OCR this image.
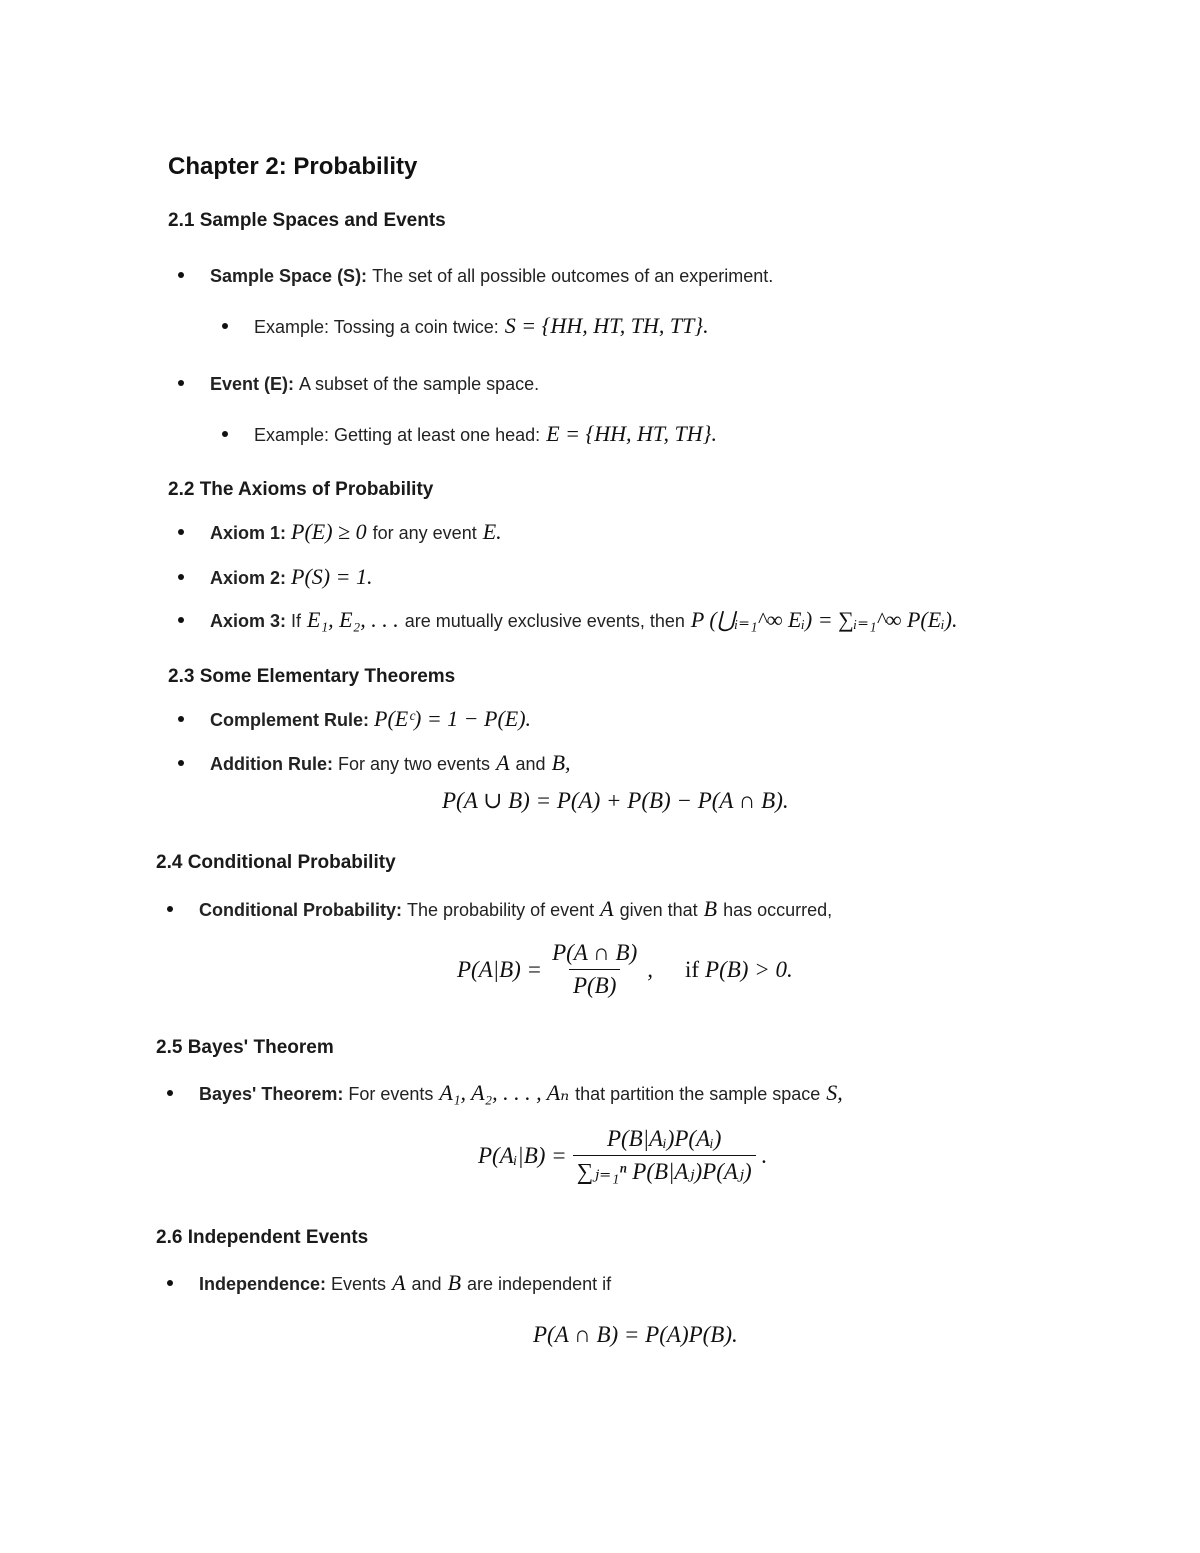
Chapter 2: Probability
2.1 Sample Spaces and Events
Sample Space (S): The set of all possible outcomes of an experiment.
Example: Tossing a coin twice: S = {HH, HT, TH, TT}.
Event (E): A subset of the sample space.
Example: Getting at least one head: E = {HH, HT, TH}.
2.2 The Axioms of Probability
Axiom 1: P(E) ≥ 0 for any event E.
Axiom 2: P(S) = 1.
Axiom 3: If E₁, E₂, . . . are mutually exclusive events, then P (⋃ᵢ₌₁^∞ Eᵢ) = ∑ᵢ₌₁^∞ P(Eᵢ).
2.3 Some Elementary Theorems
Complement Rule: P(Eᶜ) = 1 − P(E).
Addition Rule: For any two events A and B,
P(A ∪ B) = P(A) + P(B) − P(A ∩ B).
2.4 Conditional Probability
Conditional Probability: The probability of event A given that B has occurred,
$P(A|B) = \frac{P(A \cap B)}{P(B)}$ , if P(B) > 0.
2.5 Bayes' Theorem
Bayes' Theorem: For events A₁, A₂, . . . , Aₙ that partition the sample space S,
P(Aᵢ|B) = $\frac{\text{P(B|Aᵢ)P(Aᵢ)}}{\text{∑ⱼ₌₁ⁿ P(B|Aⱼ)P(Aⱼ)}}$ .
2.6 Independent Events
Independence: Events A and B are independent if
P(A ∩ B) = P(A)P(B).
